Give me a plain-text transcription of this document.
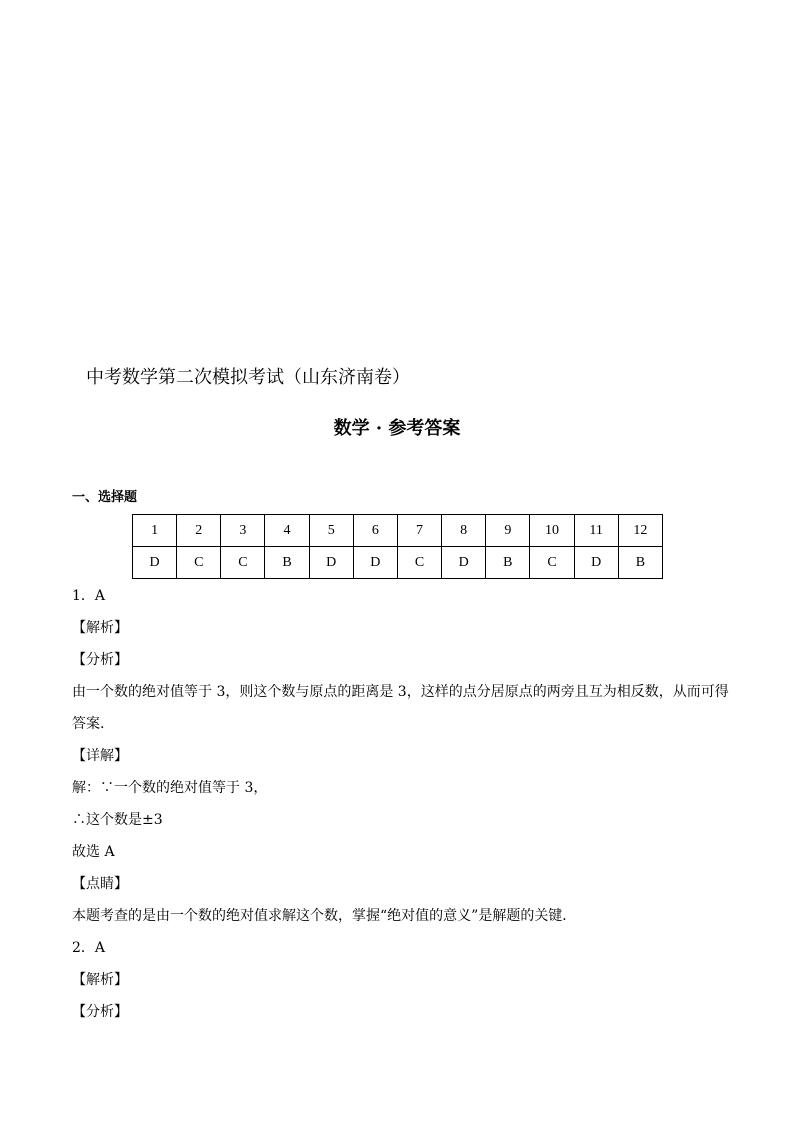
中考数学第二次模拟考试（山东济南卷）
数学 · 参考答案
一、选择题
1	2	3	4	5	6	7	8	9	10	11	12
D	C	C	B	D	D	C	D	B	C	D	B

1．A

【解析】

【分析】

由一个数的绝对值等于 3，则这个数与原点的距离是 3，这样的点分居原点的两旁且互为相反数，从而可得答案.

【详解】

解：∵一个数的绝对值等于 3，

∴这个数是±3

故选 A

【点睛】

本题考查的是由一个数的绝对值求解这个数，掌握“绝对值的意义”是解题的关键．

2．A

【解析】

【分析】
